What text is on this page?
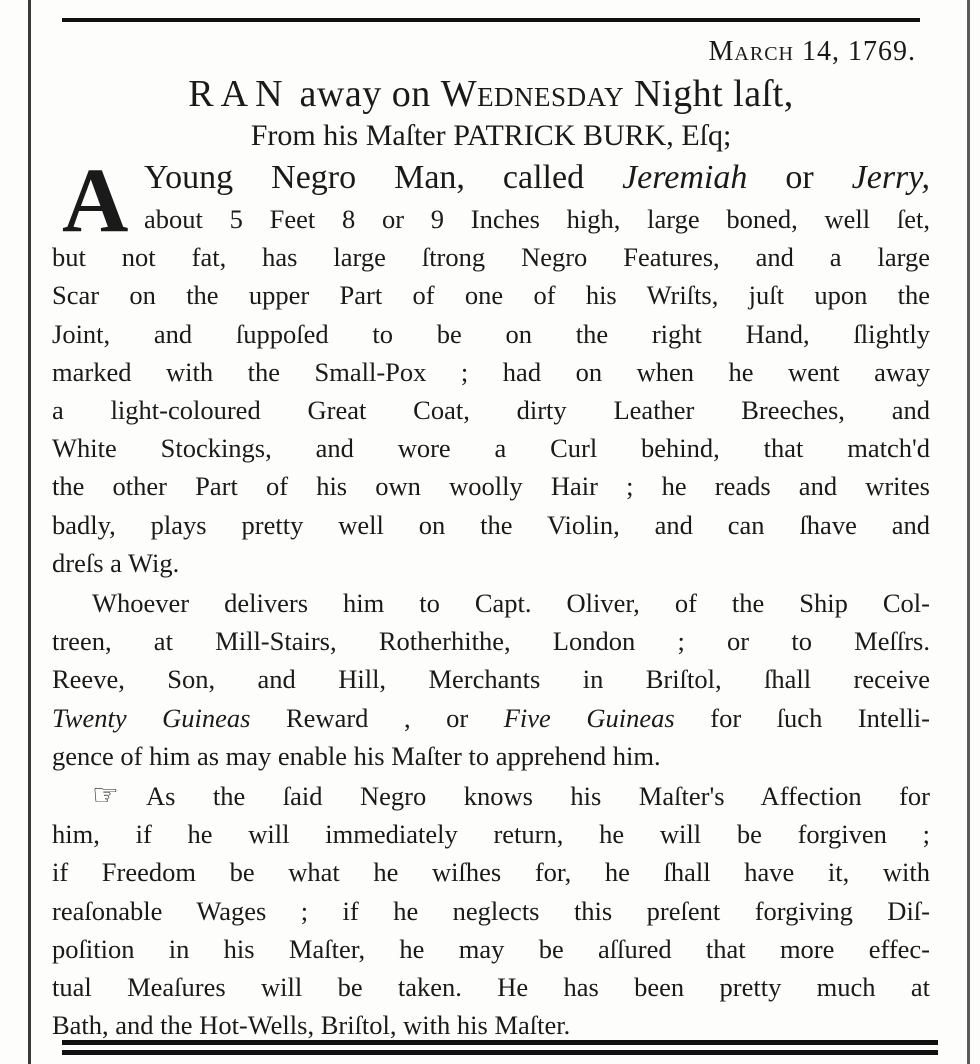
March 14, 1769.
RAN away on Wednesday Night laſt,
From his Maſter PATRICK BURK, Eſq;
A Young Negro Man, called Jeremiah or Jerry,
about 5 Feet 8 or 9 Inches high, large boned, well ſet,
but not fat, has large ſtrong Negro Features, and a large
Scar on the upper Part of one of his Wriſts, juſt upon the
Joint, and ſuppoſed to be on the right Hand, ſlightly
marked with the Small-Pox ; had on when he went away
a light-coloured Great Coat, dirty Leather Breeches, and
White Stockings, and wore a Curl behind, that match'd
the other Part of his own woolly Hair ; he reads and writes
badly, plays pretty well on the Violin, and can ſhave and
dreſs a Wig.
Whoever delivers him to Capt. Oliver, of the Ship Col-
treen, at Mill-Stairs, Rotherhithe, London ; or to Meſſrs.
Reeve, Son, and Hill, Merchants in Briſtol, ſhall receive
Twenty Guineas Reward , or Five Guineas for ſuch Intelli-
gence of him as may enable his Maſter to apprehend him.
☞ As the ſaid Negro knows his Maſter's Affection for
him, if he will immediately return, he will be forgiven ;
if Freedom be what he wiſhes for, he ſhall have it, with
reaſonable Wages ; if he neglects this preſent forgiving Diſ-
poſition in his Maſter, he may be aſſured that more effec-
tual Meaſures will be taken. He has been pretty much at
Bath, and the Hot-Wells, Briſtol, with his Maſter.
